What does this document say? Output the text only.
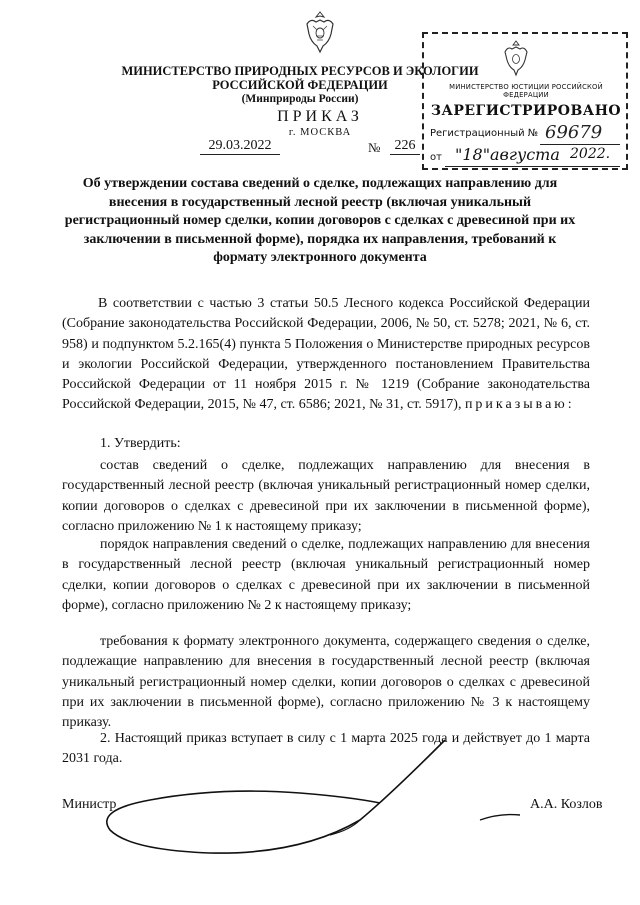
МИНИСТЕРСТВО ПРИРОДНЫХ РЕСУРСОВ И ЭКОЛОГИИ
РОССИЙСКОЙ ФЕДЕРАЦИИ
(Минприроды России)
ПРИКАЗ
г. МОСКВА
29.03.2022	№	226
МИНИСТЕРСТВО ЮСТИЦИИ РОССИЙСКОЙ ФЕДЕРАЦИИ
ЗАРЕГИСТРИРОВАНО
Регистрационный № 69679
от "18" августа 2022.
Об утверждении состава сведений о сделке, подлежащих направлению для внесения в государственный лесной реестр (включая уникальный регистрационный номер сделки, копии договоров с сделках с древесиной при их заключении в письменной форме), порядка их направления, требований к формату электронного документа
В соответствии с частью 3 статьи 50.5 Лесного кодекса Российской Федерации (Собрание законодательства Российской Федерации, 2006, № 50, ст. 5278; 2021, № 6, ст. 958) и подпунктом 5.2.165(4) пункта 5 Положения о Министерстве природных ресурсов и экологии Российской Федерации, утвержденного постановлением Правительства Российской Федерации от 11 ноября 2015 г. № 1219 (Собрание законодательства Российской Федерации, 2015, № 47, ст. 6586; 2021, № 31, ст. 5917), приказываю:
1. Утвердить:
состав сведений о сделке, подлежащих направлению для внесения в государственный лесной реестр (включая уникальный регистрационный номер сделки, копии договоров о сделках с древесиной при их заключении в письменной форме), согласно приложению № 1 к настоящему приказу;
порядок направления сведений о сделке, подлежащих направлению для внесения в государственный лесной реестр (включая уникальный регистрационный номер сделки, копии договоров о сделках с древесиной при их заключении в письменной форме), согласно приложению № 2 к настоящему приказу;
требования к формату электронного документа, содержащего сведения о сделке, подлежащие направлению для внесения в государственный лесной реестр (включая уникальный регистрационный номер сделки, копии договоров о сделках с древесиной при их заключении в письменной форме), согласно приложению № 3 к настоящему приказу.
2. Настоящий приказ вступает в силу с 1 марта 2025 года и действует до 1 марта 2031 года.
Министр	А.А. Козлов
